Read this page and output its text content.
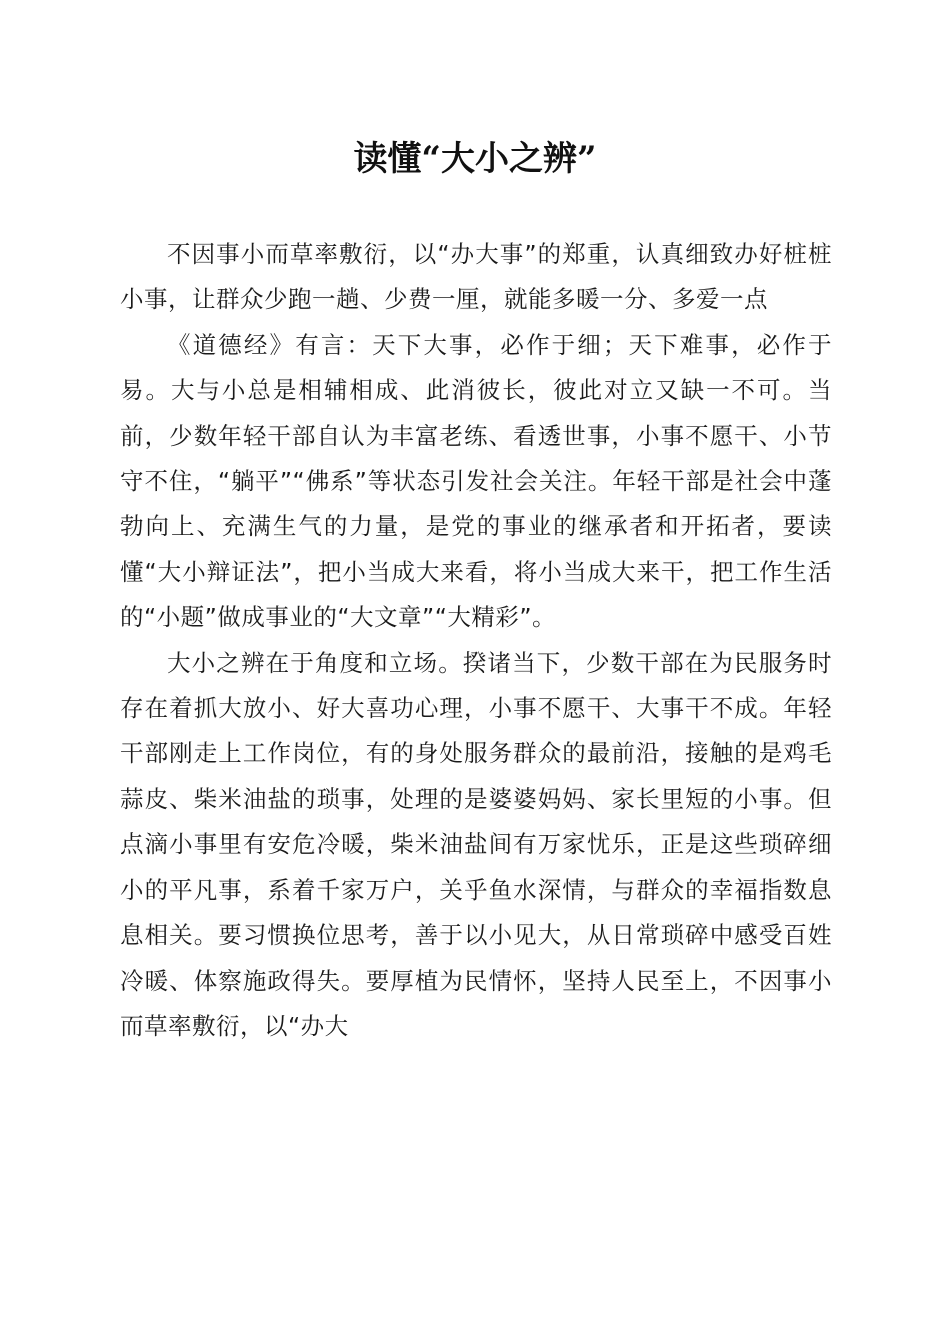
读懂“大小之辨”

不因事小而草率敷衍，以“办大事”的郑重，认真细致办好桩桩小事，让群众少跑一趟、少费一厘，就能多暖一分、多爱一点

《道德经》有言：天下大事，必作于细；天下难事，必作于易。大与小总是相辅相成、此消彼长，彼此对立又缺一不可。当前，少数年轻干部自认为丰富老练、看透世事，小事不愿干、小节守不住，“躺平”“佛系”等状态引发社会关注。年轻干部是社会中蓬勃向上、充满生气的力量，是党的事业的继承者和开拓者，要读懂“大小辩证法”，把小当成大来看，将小当成大来干，把工作生活的“小题”做成事业的“大文章”“大精彩”。

大小之辨在于角度和立场。揆诸当下，少数干部在为民服务时存在着抓大放小、好大喜功心理，小事不愿干、大事干不成。年轻干部刚走上工作岗位，有的身处服务群众的最前沿，接触的是鸡毛蒜皮、柴米油盐的琐事，处理的是婆婆妈妈、家长里短的小事。但点滴小事里有安危冷暖，柴米油盐间有万家忧乐，正是这些琐碎细小的平凡事，系着千家万户，关乎鱼水深情，与群众的幸福指数息息相关。要习惯换位思考，善于以小见大，从日常琐碎中感受百姓冷暖、体察施政得失。要厚植为民情怀，坚持人民至上，不因事小而草率敷衍，以“办大
